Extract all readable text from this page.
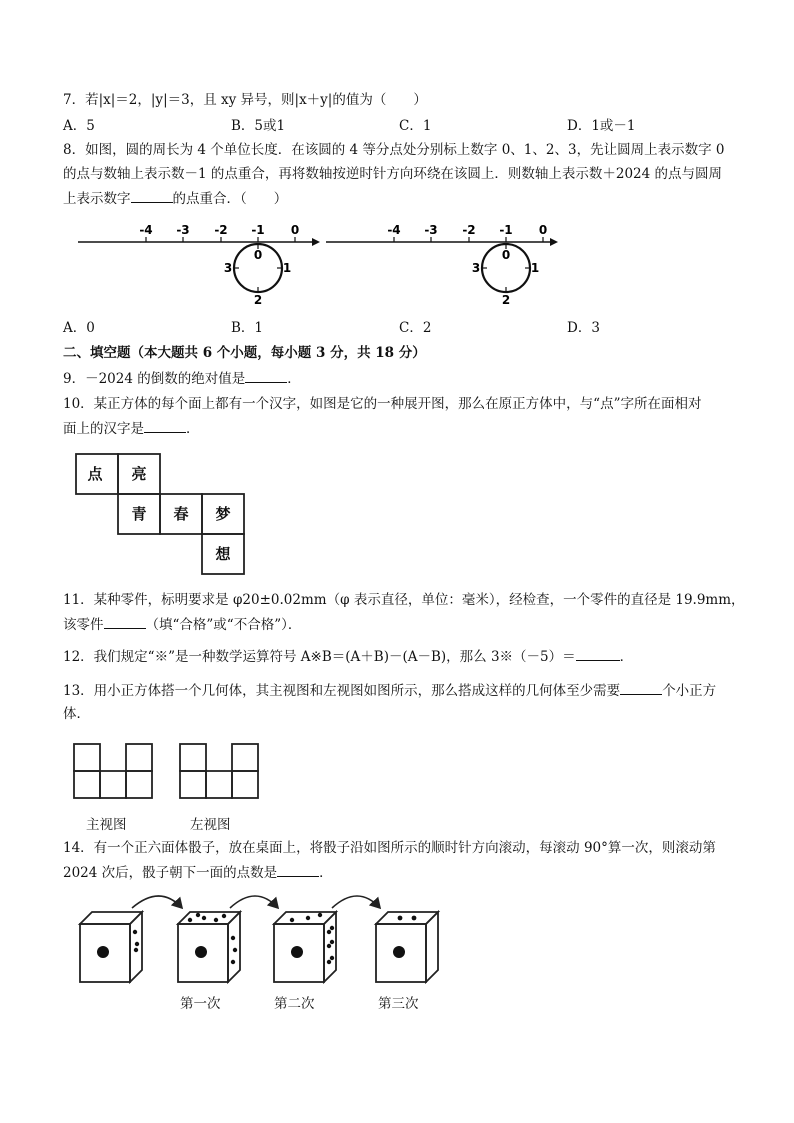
7．若|x|＝2，|y|＝3，且 xy 异号，则|x＋y|的值为（　　）
A．5	B．5或1	C．1	D．1或－1
8．如图，圆的周长为 4 个单位长度．在该圆的 4 等分点处分别标上数字 0、1、2、3，先让圆周上表示数字 0
的点与数轴上表示数－1 的点重合，再将数轴按逆时针方向环绕在该圆上．则数轴上表示数＋2024 的点与圆周
上表示数字	的点重合．（　　）
-4 -3 -2 -1 0
0
1
2
3
-4 -3 -2 -1 0
0
1
2
3
A．0	B．1	C．2	D．3
二、填空题（本大题共 6 个小题，每小题 3 分，共 18 分）
9．－2024 的倒数的绝对值是	．
10．某正方体的每个面上都有一个汉字，如图是它的一种展开图，那么在原正方体中，与“点”字所在面相对
面上的汉字是	．
点 亮
青 春 梦
想
11．某种零件，标明要求是 φ20±0.02mm（φ 表示直径，单位：毫米），经检查，一个零件的直径是 19.9mm，
该零件	（填“合格”或“不合格”）．
12．我们规定“※”是一种数学运算符号 A※B＝(A＋B)－(A－B)，那么 3※（－5）＝	．
13．用小正方体搭一个几何体，其主视图和左视图如图所示，那么搭成这样的几何体至少需要	个小正方
体．
主视图	左视图
14．有一个正六面体骰子，放在桌面上，将骰子沿如图所示的顺时针方向滚动，每滚动 90°算一次，则滚动第
2024 次后，骰子朝下一面的点数是	．
第一次	第二次	第三次
